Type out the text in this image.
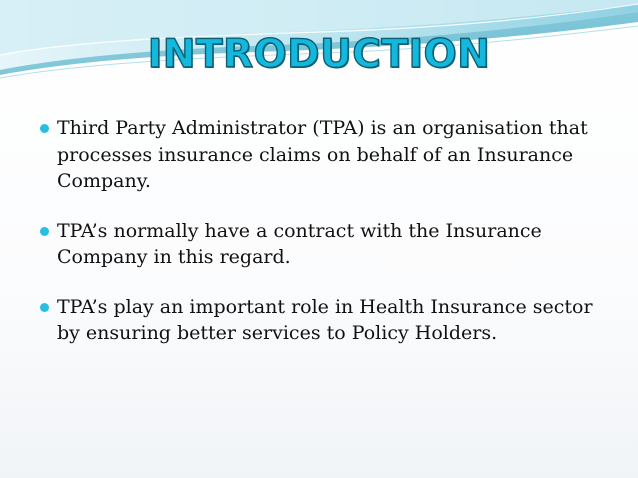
INTRODUCTION
Third Party Administrator (TPA) is an organisation that processes insurance claims on behalf of an Insurance Company.
TPA’s normally have a contract with the Insurance Company in this regard.
TPA’s play an important role in Health Insurance sector by ensuring better services to Policy Holders.
